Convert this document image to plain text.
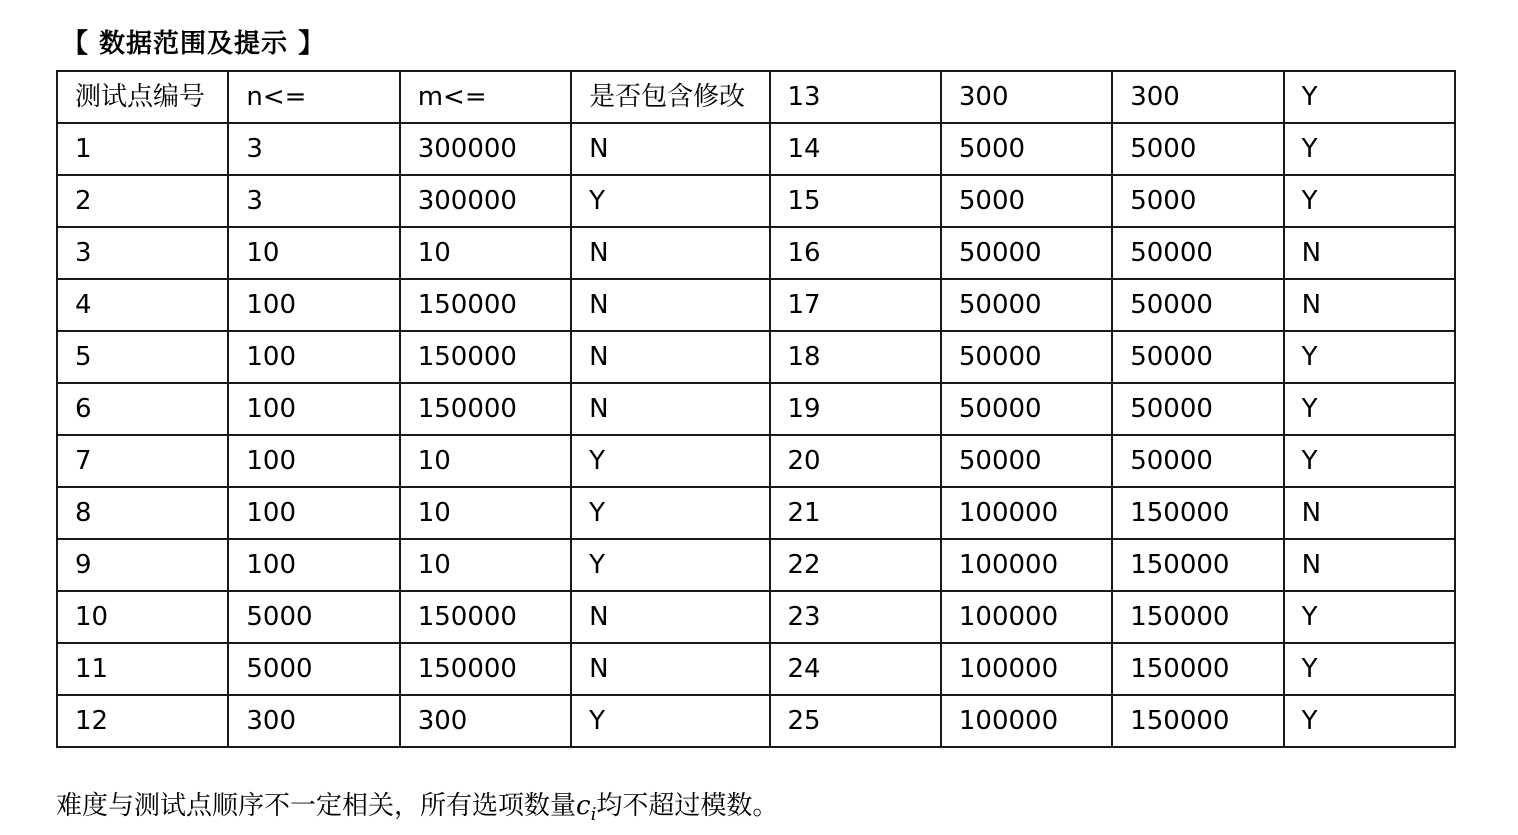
【 数据范围及提示 】
测试点编号	n<=	m<=	是否包含修改	13	300	300	Y
1	3	300000	N	14	5000	5000	Y
2	3	300000	Y	15	5000	5000	Y
3	10	10	N	16	50000	50000	N
4	100	150000	N	17	50000	50000	N
5	100	150000	N	18	50000	50000	Y
6	100	150000	N	19	50000	50000	Y
7	100	10	Y	20	50000	50000	Y
8	100	10	Y	21	100000	150000	N
9	100	10	Y	22	100000	150000	N
10	5000	150000	N	23	100000	150000	Y
11	5000	150000	N	24	100000	150000	Y
12	300	300	Y	25	100000	150000	Y
难度与测试点顺序不一定相关，所有选项数量$c_i$均不超过模数。
